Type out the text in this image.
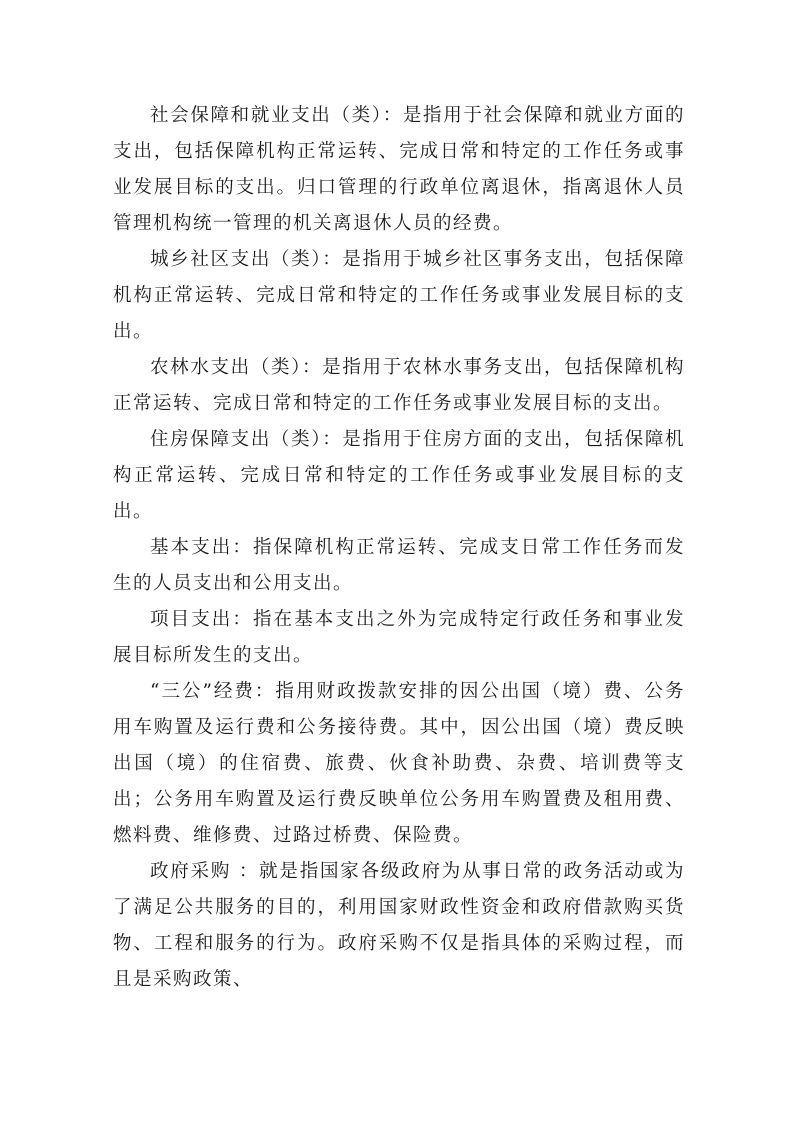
社会保障和就业支出（类）：是指用于社会保障和就业方面的支出，包括保障机构正常运转、完成日常和特定的工作任务或事业发展目标的支出。归口管理的行政单位离退休，指离退休人员管理机构统一管理的机关离退休人员的经费。

城乡社区支出（类）：是指用于城乡社区事务支出，包括保障机构正常运转、完成日常和特定的工作任务或事业发展目标的支出。

农林水支出（类）：是指用于农林水事务支出，包括保障机构正常运转、完成日常和特定的工作任务或事业发展目标的支出。

住房保障支出（类）：是指用于住房方面的支出，包括保障机构正常运转、完成日常和特定的工作任务或事业发展目标的支出。

基本支出：指保障机构正常运转、完成支日常工作任务而发生的人员支出和公用支出。

项目支出：指在基本支出之外为完成特定行政任务和事业发展目标所发生的支出。

“三公”经费：指用财政拨款安排的因公出国（境）费、公务用车购置及运行费和公务接待费。其中，因公出国（境）费反映出国（境）的住宿费、旅费、伙食补助费、杂费、培训费等支出；公务用车购置及运行费反映单位公务用车购置费及租用费、燃料费、维修费、过路过桥费、保险费。

政府采购 ：就是指国家各级政府为从事日常的政务活动或为了满足公共服务的目的，利用国家财政性资金和政府借款购买货物、工程和服务的行为。政府采购不仅是指具体的采购过程，而且是采购政策、
